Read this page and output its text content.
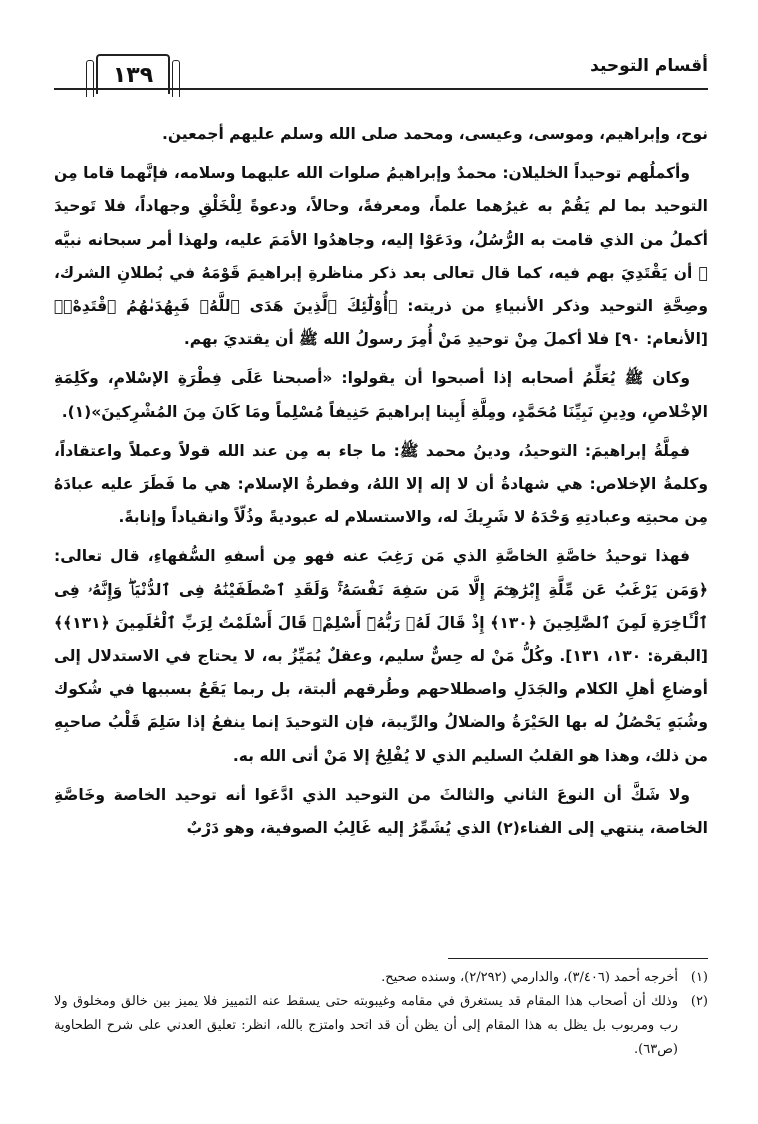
أقسام التوحيد
١٣٩

نوح، وإبراهيم، وموسى، وعيسى، ومحمد صلى الله وسلم عليهم أجمعين.

وأكملُهم توحيداً الخليلان: محمدٌ وإبراهيمُ صلوات الله عليهما وسلامه، فإنَّهما قاما مِن التوحيد بما لم يَقُمْ به غيرُهما علماً، ومعرفةً، وحالاً، ودعوةً لِلْخَلْقِ وجهاداً، فلا تَوحيدَ أكملُ من الذي قامت به الرُّسُلُ، ودَعَوْا إليه، وجاهدُوا الأمَمَ عليه، ولهذا أمر سبحانه نبيَّه ﷺ أن يَقْتَدِيَ بهم فيه، كما قال تعالى بعد ذكر مناظرةِ إبراهيمَ قَوْمَهُ في بُطلانِ الشرك، وصِحَّةِ التوحيد وذكر الأنبياءِ من ذريته: ﴿أُوْلَٰٓئِكَ ٱلَّذِينَ هَدَى ٱللَّهُۖ فَبِهُدَىٰهُمُ ٱقْتَدِهْۗ﴾ [الأنعام: ٩٠] فلا أكملَ مِنْ توحيدِ مَنْ أُمِرَ رسولُ الله ﷺ أن يقتديَ بهم.

وكان ﷺ يُعَلِّمُ أصحابه إذا أصبحوا أن يقولوا: «أصبحنا عَلَى فِطْرَةِ الإسْلامِ، وكَلِمَةِ الإخْلاصِ، ودِينِ نَبِيِّنَا مُحَمَّدٍ، ومِلَّةِ أَبِينا إبراهيمَ حَنِيفاً مُسْلِماً ومَا كَانَ مِنَ المُشْرِكينَ»(١).

فمِلَّةُ إبراهيمَ: التوحيدُ، ودينُ محمد ﷺ: ما جاء به مِن عند الله قولاً وعملاً واعتقاداً، وكلمةُ الإخلاص: هي شهادةُ أن لا إله إلا اللهُ، وفطرةُ الإسلام: هي ما فَطَرَ عليه عبادَهُ مِن محبتِه وعبادتِهِ وَحْدَهُ لا شَرِيكَ له، والاستسلام له عبوديةً وذُلّاً وانقياداً وإنابةً.

فهذا توحيدُ خاصَّةِ الخاصَّةِ الذي مَن رَغِبَ عنه فهو مِن أسفهِ السُّفهاءِ، قال تعالى: ﴿وَمَن يَرْغَبُ عَن مِّلَّةِ إِبْرَٰهِـۧمَ إِلَّا مَن سَفِهَ نَفْسَهُۥۚ وَلَقَدِ ٱصْطَفَيْنَٰهُ فِى ٱلدُّنْيَاۖ وَإِنَّهُۥ فِى ٱلْـَٔاخِرَةِ لَمِنَ ٱلصَّٰلِحِينَ ﴿١٣٠﴾ إِذْ قَالَ لَهُۥ رَبُّهُۥٓ أَسْلِمْۖ قَالَ أَسْلَمْتُ لِرَبِّ ٱلْعَٰلَمِينَ ﴿١٣١﴾﴾ [البقرة: ١٣٠، ١٣١]. وكُلُّ مَنْ له حِسٌّ سليم، وعقلٌ يُمَيِّزُ به، لا يحتاج في الاستدلال إلى أوضاعِ أهلِ الكلام والجَدَلِ واصطلاحهم وطُرقهم ألبتة، بل ربما يَقَعُ بسببها في شُكوك وشُبَهٍ يَحْصُلُ له بها الحَيْرَةُ والضلالُ والرِّيبة، فإن التوحيدَ إنما ينفعُ إذا سَلِمَ قَلْبُ صاحبِهِ من ذلك، وهذا هو القلبُ السليم الذي لا يُفْلِحُ إلا مَنْ أتى الله به.

ولا شَكَّ أن النوعَ الثاني والثالثَ من التوحيد الذي ادَّعَوا أنه توحيد الخاصة وخَاصَّةِ الخاصة، ينتهي إلى الفناء(٢) الذي يُشَمِّرُ إليه غَالِبُ الصوفية، وهو دَرْبٌ

(١)
أخرجه أحمد (٣/٤٠٦)، والدارمي (٢/٢٩٢)، وسنده صحيح.
(٢)
وذلك أن أصحاب هذا المقام قد يستغرق في مقامه وغيبوبته حتى يسقط عنه التمييز فلا يميز بين خالق ومخلوق ولا رب ومربوب بل يظل به هذا المقام إلى أن يظن أن قد اتحد وامتزج بالله، انظر: تعليق العدني على شرح الطحاوية (ص٦٣).
